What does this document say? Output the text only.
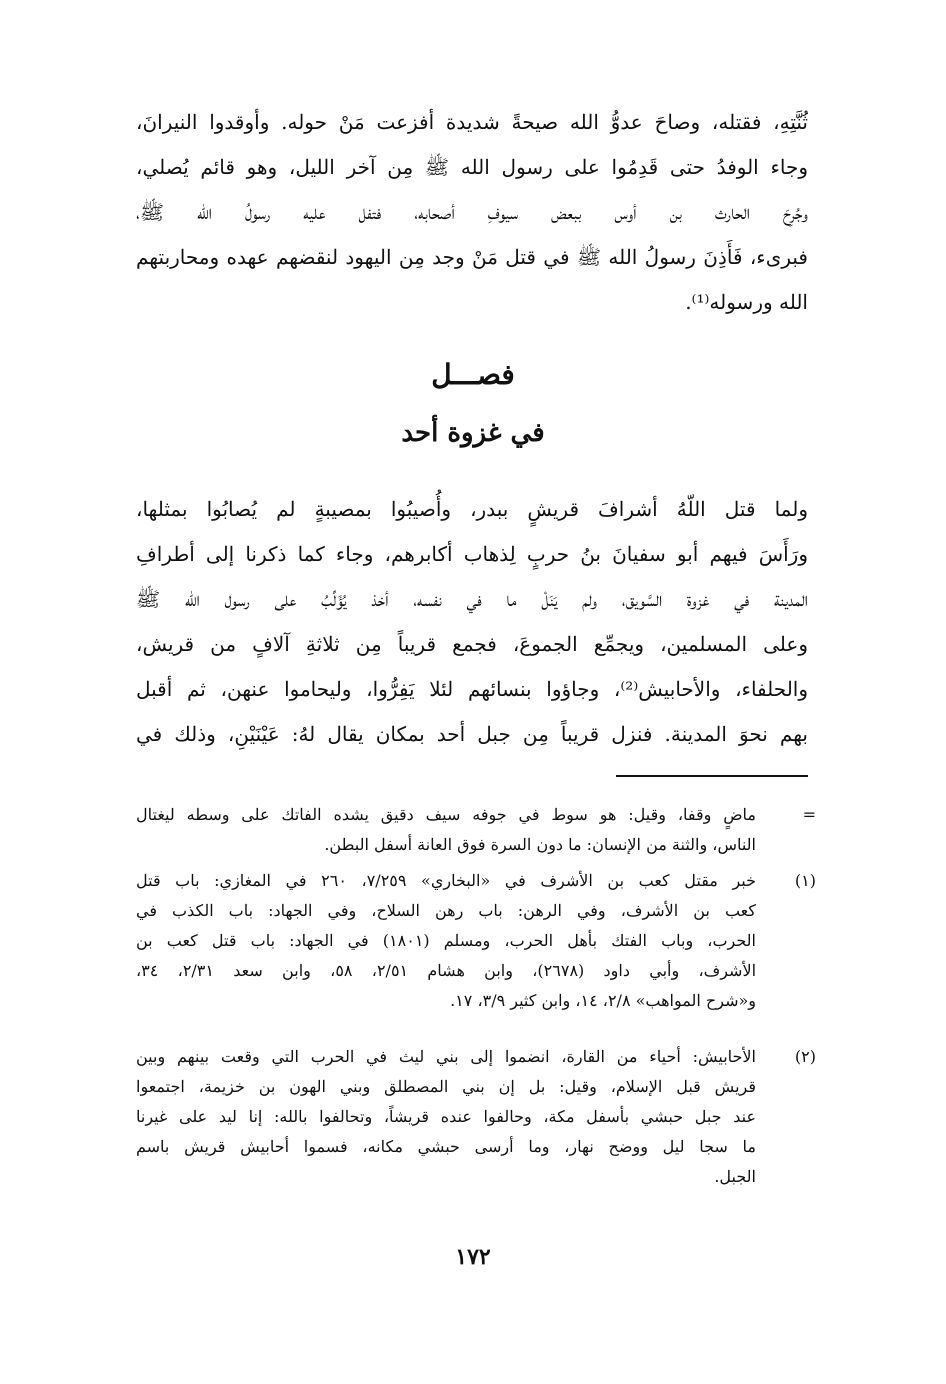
ثُنَّتِهِ، فقتله، وصاحَ عدوُّ الله صيحةً شديدة أفزعت مَنْ حوله. وأوقدوا النيرانَ،
وجاء الوفدُ حتى قَدِمُوا على رسول الله ﷺ مِن آخر الليل، وهو قائم يُصلي،
وجُرِحَ الحارث بن أوس ببعض سيوفِ أصحابه، فتفل عليه رسولُ الله ﷺ،
فبرىء، فَأَذِنَ رسولُ الله ﷺ في قتل مَنْ وجد مِن اليهود لنقضهم عهده ومحاربتهم
الله ورسوله⁽¹⁾.
فصـــل
في غزوة أحد
ولما قتل اللّهُ أشرافَ قريشٍ ببدر، وأُصيبُوا بمصيبةٍ لم يُصابُوا بمثلها،
ورَأَسَ فيهم أبو سفيانَ بنُ حربٍ لِذهاب أكابرهم، وجاء كما ذكرنا إلى أطرافِ
المدينة في غزوة السَّويق، ولم يَنَلْ ما في نفسه، أخذ يُؤَلِّبُ على رسول الله ﷺ
وعلى المسلمين، ويجمِّع الجموعَ، فجمع قريباً مِن ثلاثةِ آلافٍ من قريش،
والحلفاء، والأحابيش⁽²⁾، وجاؤوا بنسائهم لئلا يَفِرُّوا، وليحاموا عنهن، ثم أقبل
بهم نحوَ المدينة. فنزل قريباً مِن جبل أحد بمكان يقال لهُ: عَيْنَيْنِ، وذلك في
=
ماضٍ وقفا، وقيل: هو سوط في جوفه سيف دقيق يشده الفاتك على وسطه ليغتال
الناس، والثنة من الإنسان: ما دون السرة فوق العانة أسفل البطن.
(١)
خبر مقتل كعب بن الأشرف في «البخاري» ٧/٢٥٩، ٢٦٠ في المغازي: باب قتل
كعب بن الأشرف، وفي الرهن: باب رهن السلاح، وفي الجهاد: باب الكذب في
الحرب، وباب الفتك بأهل الحرب، ومسلم (١٨٠١) في الجهاد: باب قتل كعب بن
الأشرف، وأبي داود (٢٦٧٨)، وابن هشام ٢/٥١، ٥٨، وابن سعد ٢/٣١، ٣٤،
و«شرح المواهب» ٢/٨، ١٤، وابن كثير ٣/٩، ١٧.
(٢)
الأحابيش: أحياء من القارة، انضموا إلى بني ليث في الحرب التي وقعت بينهم وبين
قريش قبل الإسلام، وقيل: بل إن بني المصطلق وبني الهون بن خزيمة، اجتمعوا
عند جبل حبشي بأسفل مكة، وحالفوا عنده قريشاً، وتحالفوا بالله: إنا ليد على غيرنا
ما سجا ليل ووضح نهار، وما أرسى حبشي مكانه، فسموا أحابيش قريش باسم
الجبل.
١٧٢
